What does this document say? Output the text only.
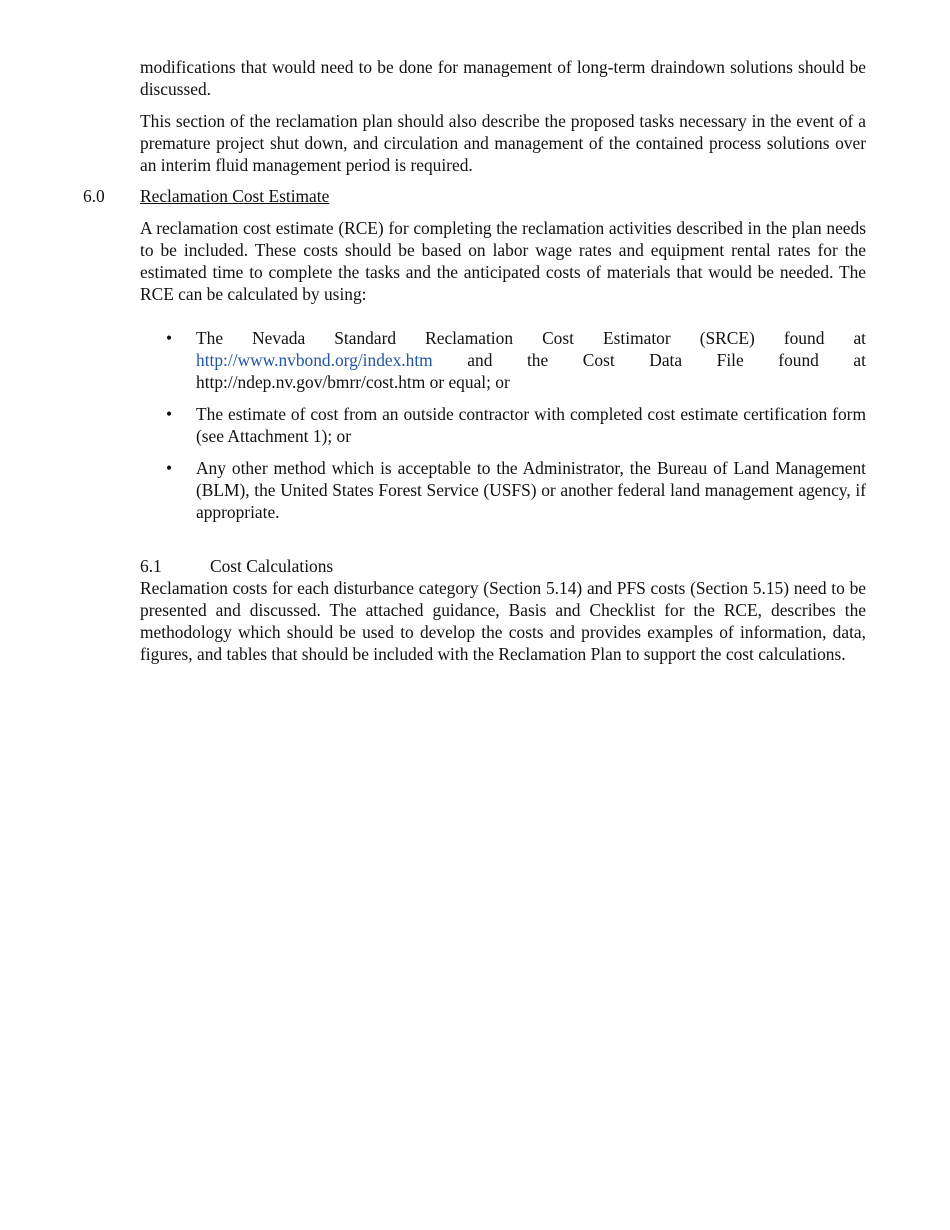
modifications that would need to be done for management of long-term draindown solutions should be discussed.

This section of the reclamation plan should also describe the proposed tasks necessary in the event of a premature project shut down, and circulation and management of the contained process solutions over an interim fluid management period is required.

6.0 Reclamation Cost Estimate

A reclamation cost estimate (RCE) for completing the reclamation activities described in the plan needs to be included. These costs should be based on labor wage rates and equipment rental rates for the estimated time to complete the tasks and the anticipated costs of materials that would be needed. The RCE can be calculated by using:

• The Nevada Standard Reclamation Cost Estimator (SRCE) found at http://www.nvbond.org/index.htm and the Cost Data File found at http://ndep.nv.gov/bmrr/cost.htm or equal; or
• The estimate of cost from an outside contractor with completed cost estimate certification form (see Attachment 1); or
• Any other method which is acceptable to the Administrator, the Bureau of Land Management (BLM), the United States Forest Service (USFS) or another federal land management agency, if appropriate.
6.1	Cost Calculations

Reclamation costs for each disturbance category (Section 5.14) and PFS costs (Section 5.15) need to be presented and discussed. The attached guidance, Basis and Checklist for the RCE, describes the methodology which should be used to develop the costs and provides examples of information, data, figures, and tables that should be included with the Reclamation Plan to support the cost calculations.
